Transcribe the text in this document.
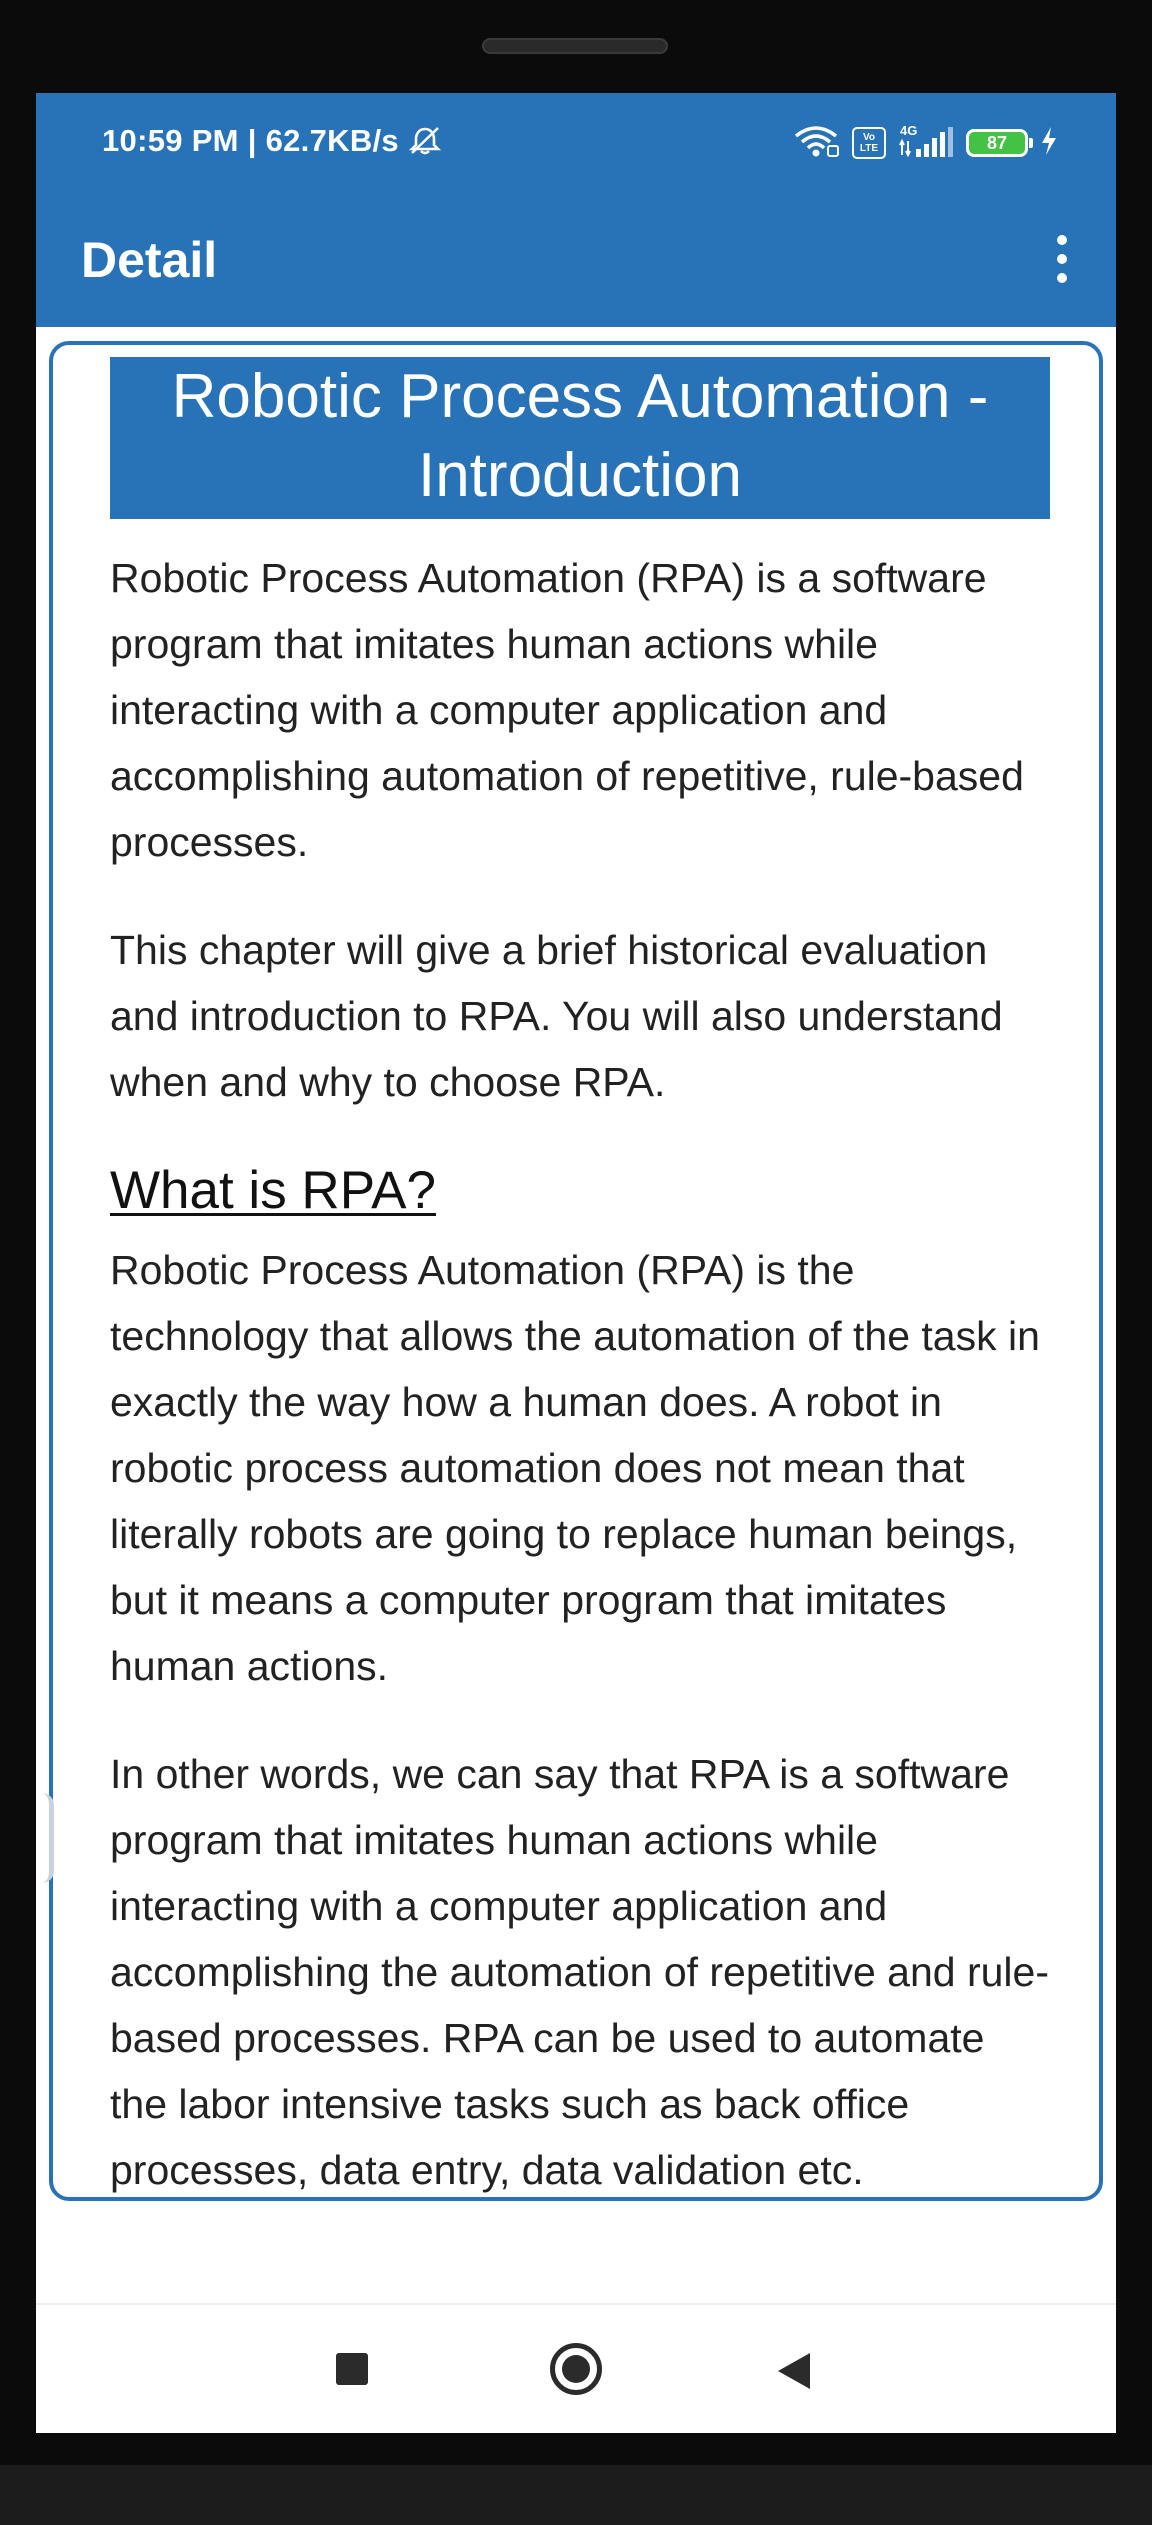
10:59 PM | 62.7KB/s	Vo LTE
4G
87
Detail
Robotic Process Automation - Introduction

Robotic Process Automation (RPA) is a software program that imitates human actions while interacting with a computer application and accomplishing automation of repetitive, rule-based processes.

This chapter will give a brief historical evaluation and introduction to RPA. You will also understand when and why to choose RPA.

What is RPA?

Robotic Process Automation (RPA) is the technology that allows the automation of the task in exactly the way how a human does. A robot in robotic process automation does not mean that literally robots are going to replace human beings, but it means a computer program that imitates human actions.

In other words, we can say that RPA is a software program that imitates human actions while interacting with a computer application and accomplishing the automation of repetitive and rule-based processes. RPA can be used to automate the labor intensive tasks such as back office processes, data entry, data validation etc.
